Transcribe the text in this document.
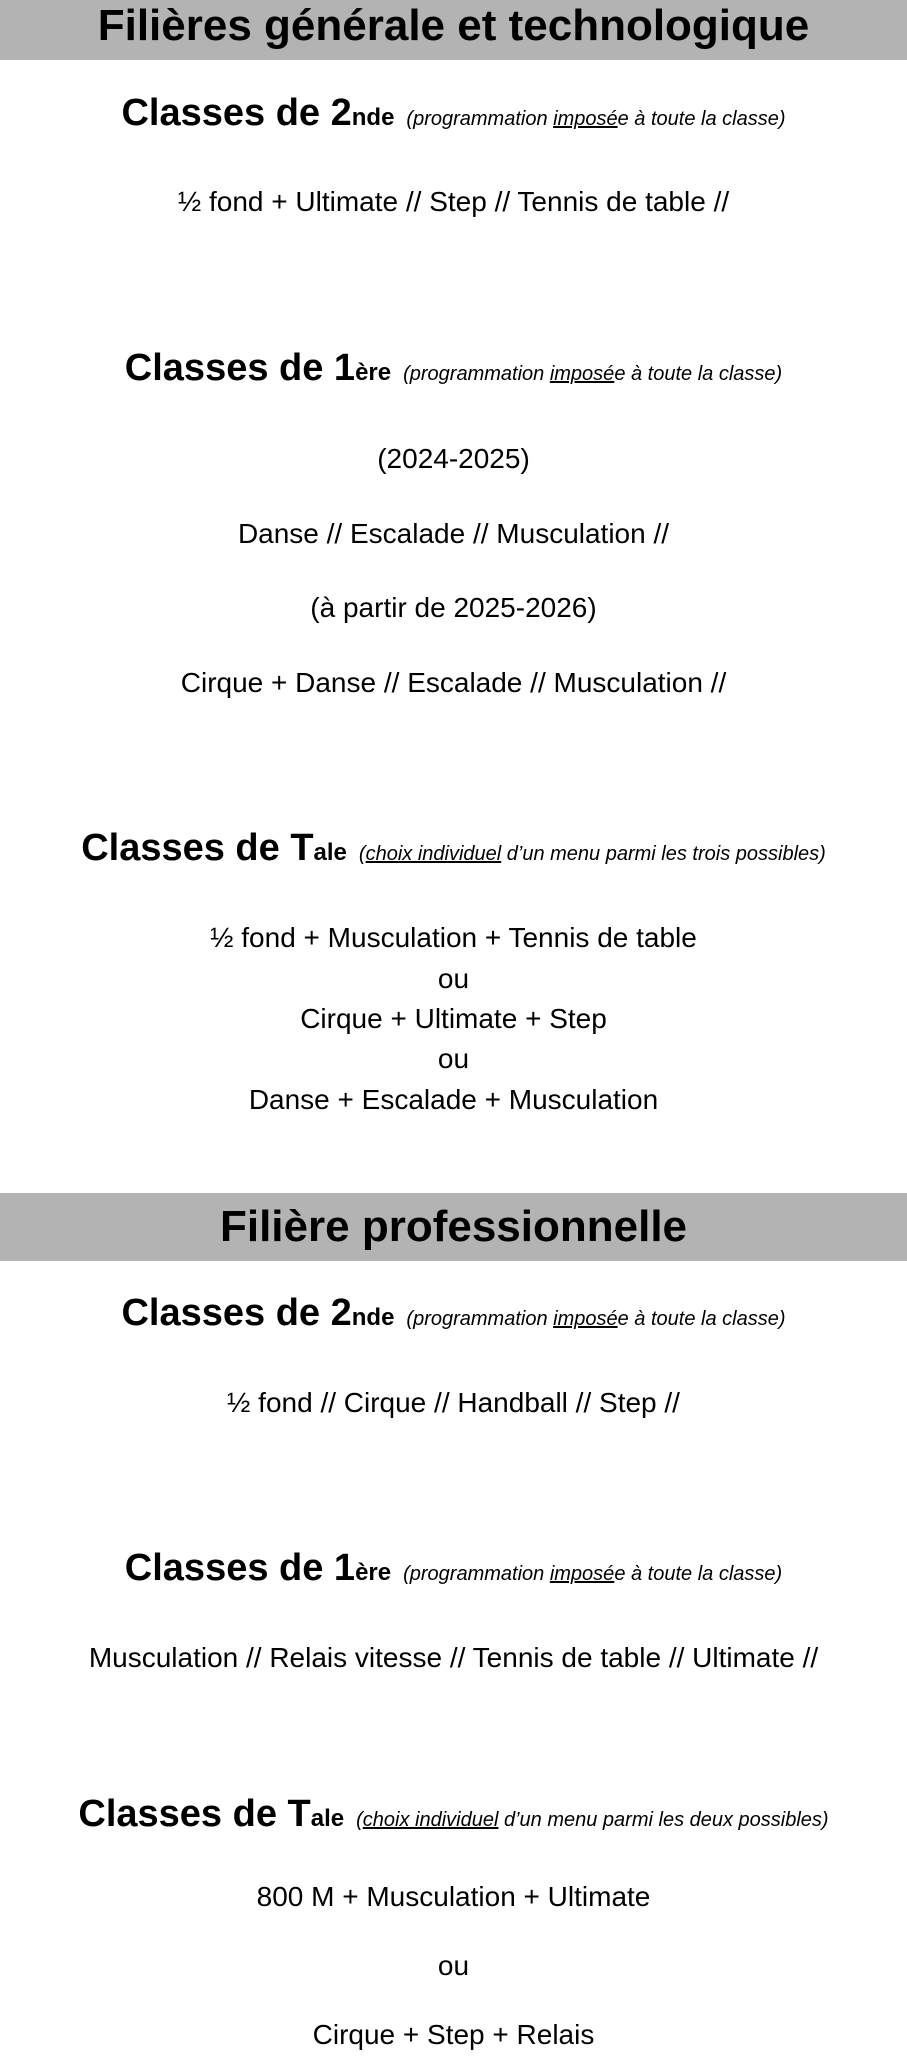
Filières générale et technologique
Classes de 2 nde (programmation imposée à toute la classe)
½ fond + Ultimate // Step // Tennis de table //
Classes de 1 ère (programmation imposée à toute la classe)
(2024-2025)
Danse // Escalade // Musculation //
(à partir de 2025-2026)
Cirque + Danse // Escalade // Musculation //
Classes de T ale (choix individuel d’un menu parmi les trois possibles)
½ fond + Musculation + Tennis de table
ou
Cirque + Ultimate + Step
ou
Danse + Escalade + Musculation
Filière professionnelle
Classes de 2 nde (programmation imposée à toute la classe)
½ fond // Cirque // Handball // Step //
Classes de 1 ère (programmation imposée à toute la classe)
Musculation // Relais vitesse // Tennis de table // Ultimate //
Classes de T ale (choix individuel d’un menu parmi les deux possibles)
800 M + Musculation + Ultimate
ou
Cirque + Step + Relais
